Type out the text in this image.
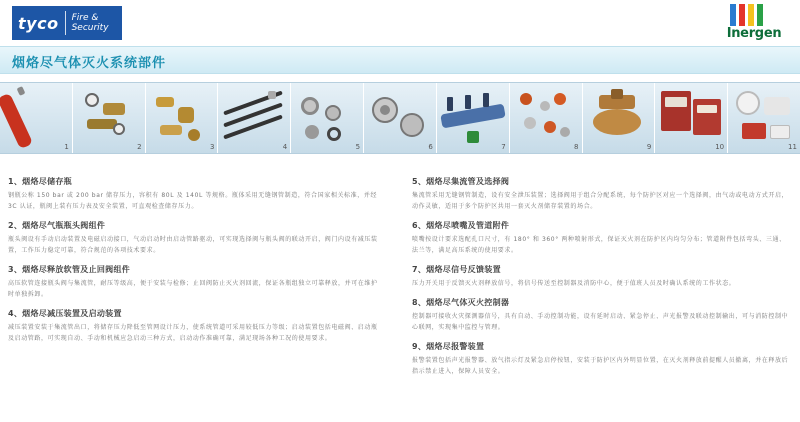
tyco Fire &
Security	Inergen
烟烙尽气体灭火系统部件
1	2	3	4	5	6	7	8	9	10	11
1、烟烙尽储存瓶
钢瓶公称 150 bar 或 200 bar 储存压力，容积有 80L 及 140L 等规格。瓶体采用无缝钢管制造，符合国家相关标准，并经 3C 认证，瓶阀上装有压力表及安全装置，可直观检查储存压力。
2、烟烙尽气瓶瓶头阀组件
瓶头阀设有手动启动装置及电磁启动接口，气动启动时由启动管路驱动，可实现选择阀与瓶头阀的联动开启，阀门内设有减压装置，工作压力稳定可靠，符合规范的各项技术要求。
3、烟烙尽释放软管及止回阀组件
高压软管连接瓶头阀与集流管，耐压等级高，便于安装与检修；止回阀防止灭火剂回流，保证各瓶组独立可靠释放，并可在维护时单独拆卸。
4、烟烙尽减压装置及启动装置
减压装置安装于集流管出口，将储存压力降低至管网设计压力，使系统管道可采用较低压力等级；启动装置包括电磁阀、启动瓶及启动管路，可实现自动、手动和机械应急启动三种方式，启动动作准确可靠，满足现场各种工况的使用要求。
5、烟烙尽集流管及选择阀
集流管采用无缝钢管制造，设有安全泄压装置；选择阀用于组合分配系统，每个防护区对应一个选择阀，由气动或电动方式开启，动作灵敏，适用于多个防护区共用一套灭火剂储存装置的场合。
6、烟烙尽喷嘴及管道附件
喷嘴按设计要求选配孔口尺寸，有 180° 和 360° 两种喷射形式，保证灭火剂在防护区内均匀分布；管道附件包括弯头、三通、法兰等，满足高压系统的使用要求。
7、烟烙尽信号反馈装置
压力开关用于反馈灭火剂释放信号，将信号传送至控制器及消防中心，便于值班人员及时确认系统的工作状态。
8、烟烙尽气体灭火控制器
控制器可接收火灾探测器信号，具有自动、手动控制功能，设有延时启动、紧急停止、声光报警及联动控制输出，可与消防控制中心联网，实现集中监控与管理。
9、烟烙尽报警装置
报警装置包括声光报警器、放气指示灯及紧急启停按钮，安装于防护区内外明显位置，在灭火剂释放前提醒人员撤离，并在释放后指示禁止进入，保障人员安全。
